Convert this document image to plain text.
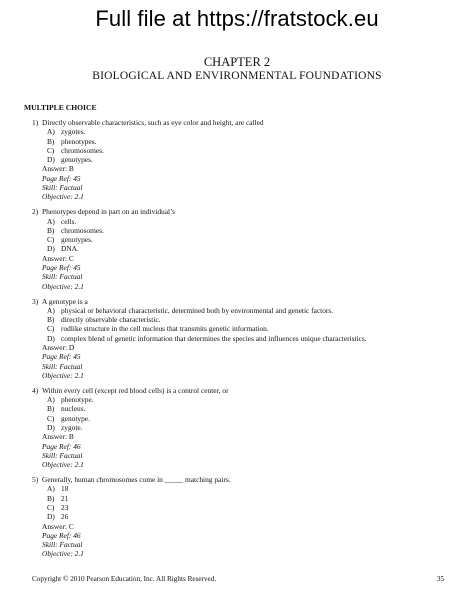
Full file at https://fratstock.eu
CHAPTER 2
BIOLOGICAL AND ENVIRONMENTAL FOUNDATIONS
MULTIPLE CHOICE
1) Directly observable characteristics, such as eye color and height, are called
A) zygotes.
B) phenotypes.
C) chromosomes.
D) genotypes.
Answer: B
Page Ref: 45
Skill: Factual
Objective: 2.1
2) Phenotypes depend in part on an individual’s
A) cells.
B) chromosomes.
C) genotypes.
D) DNA.
Answer: C
Page Ref: 45
Skill: Factual
Objective: 2.1
3) A genotype is a
A) physical or behavioral characteristic, determined both by environmental and genetic factors.
B) directly observable characteristic.
C) rodlike structure in the cell nucleus that transmits genetic information.
D) complex blend of genetic information that determines the species and influences unique characteristics.
Answer: D
Page Ref: 45
Skill: Factual
Objective: 2.1
4) Within every cell (except red blood cells) is a control center, or
A) phenotype.
B) nucleus.
C) genotype.
D) zygote.
Answer: B
Page Ref: 46
Skill: Factual
Objective: 2.1
5) Generally, human chromosomes come in _____ matching pairs.
A) 18
B) 21
C) 23
D) 26
Answer: C
Page Ref: 46
Skill: Factual
Objective: 2.1
Copyright © 2010 Pearson Education, Inc. All Rights Reserved.	35
